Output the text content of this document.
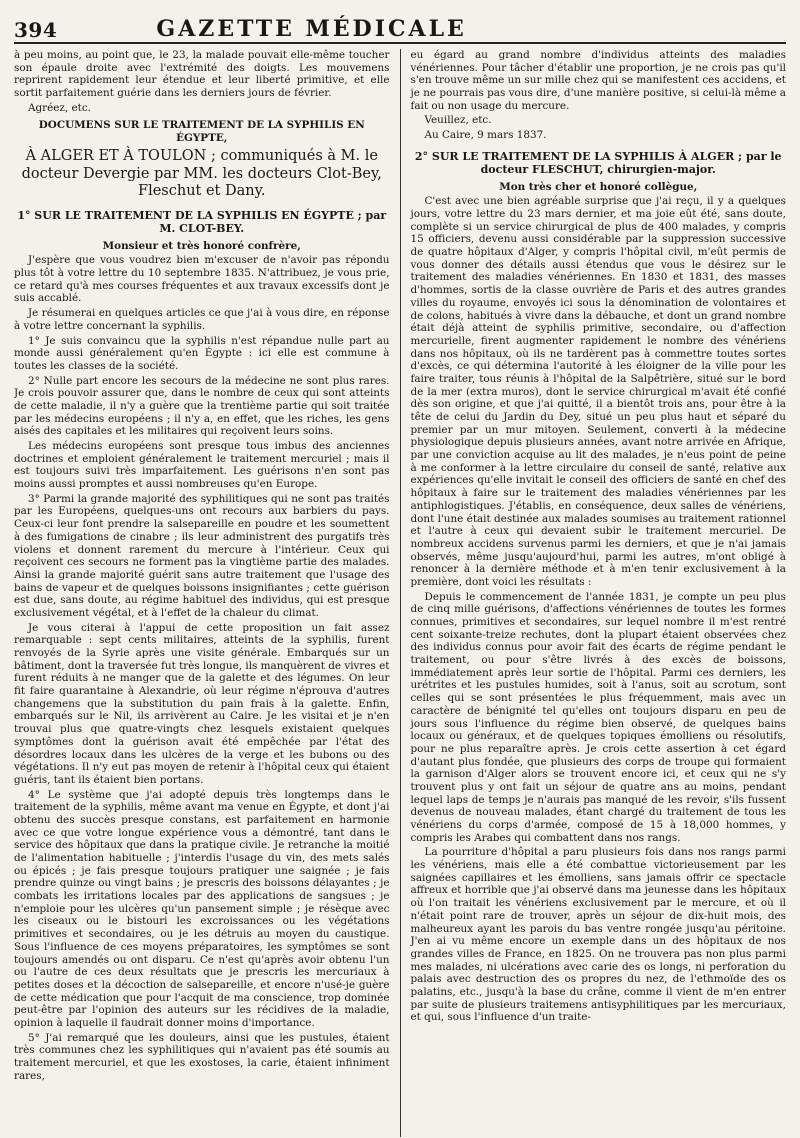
394	GAZETTE MÉDICALE

à peu moins, au point que, le 23, la malade pouvait elle-même toucher son épaule droite avec l'extrémité des doigts. Les mouvemens reprirent rapidement leur étendue et leur liberté primitive, et elle sortit parfaitement guérie dans les derniers jours de février.

Agréez, etc.

DOCUMENS SUR LE TRAITEMENT DE LA SYPHILIS EN ÉGYPTE,

À ALGER ET À TOULON ; communiqués à M. le docteur Devergie par MM. les docteurs Clot-Bey, Fleschut et Dany.

1° SUR LE TRAITEMENT DE LA SYPHILIS EN ÉGYPTE ; par M. CLOT-BEY.

Monsieur et très honoré confrère,

J'espère que vous voudrez bien m'excuser de n'avoir pas répondu plus tôt à votre lettre du 10 septembre 1835. N'attribuez, je vous prie, ce retard qu'à mes courses fréquentes et aux travaux excessifs dont je suis accablé.

Je résumerai en quelques articles ce que j'ai à vous dire, en réponse à votre lettre concernant la syphilis.

1° Je suis convaincu que la syphilis n'est répandue nulle part au monde aussi généralement qu'en Égypte : ici elle est commune à toutes les classes de la société.

2° Nulle part encore les secours de la médecine ne sont plus rares. Je crois pouvoir assurer que, dans le nombre de ceux qui sont atteints de cette maladie, il n'y a guère que la trentième partie qui soit traitée par les médecins européens ; il n'y a, en effet, que les riches, les gens aisés des capitales et les militaires qui reçoivent leurs soins.

Les médecins européens sont presque tous imbus des anciennes doctrines et emploient généralement le traitement mercuriel ; mais il est toujours suivi très imparfaitement. Les guérisons n'en sont pas moins aussi promptes et aussi nombreuses qu'en Europe.

3° Parmi la grande majorité des syphilitiques qui ne sont pas traités par les Européens, quelques-uns ont recours aux barbiers du pays. Ceux-ci leur font prendre la salsepareille en poudre et les soumettent à des fumigations de cinabre ; ils leur administrent des purgatifs très violens et donnent rarement du mercure à l'intérieur. Ceux qui reçoivent ces secours ne forment pas la vingtième partie des malades. Ainsi la grande majorité guérit sans autre traitement que l'usage des bains de vapeur et de quelques boissons insignifiantes ; cette guérison est due, sans doute, au régime habituel des individus, qui est presque exclusivement végétal, et à l'effet de la chaleur du climat.

Je vous citerai à l'appui de cette proposition un fait assez remarquable : sept cents militaires, atteints de la syphilis, furent renvoyés de la Syrie après une visite générale. Embarqués sur un bâtiment, dont la traversée fut très longue, ils manquèrent de vivres et furent réduits à ne manger que de la galette et des légumes. On leur fit faire quarantaine à Alexandrie, où leur régime n'éprouva d'autres changemens que la substitution du pain frais à la galette. Enfin, embarqués sur le Nil, ils arrivèrent au Caire. Je les visitai et je n'en trouvai plus que quatre-vingts chez lesquels existaient quelques symptômes dont la guérison avait été empêchée par l'état des désordres locaux dans les ulcères de la verge et les bubons ou des végétations. Il n'y eut pas moyen de retenir à l'hôpital ceux qui étaient guéris, tant ils étaient bien portans.

4° Le système que j'ai adopté depuis très longtemps dans le traitement de la syphilis, même avant ma venue en Égypte, et dont j'ai obtenu des succès presque constans, est parfaitement en harmonie avec ce que votre longue expérience vous a démontré, tant dans le service des hôpitaux que dans la pratique civile. Je retranche la moitié de l'alimentation habituelle ; j'interdis l'usage du vin, des mets salés ou épicés ; je fais presque toujours pratiquer une saignée ; je fais prendre quinze ou vingt bains ; je prescris des boissons délayantes ; je combats les irritations locales par des applications de sangsues ; je n'emploie pour les ulcères qu'un pansement simple ; je résèque avec les ciseaux ou le bistouri les excroissances ou les végétations primitives et secondaires, ou je les détruis au moyen du caustique. Sous l'influence de ces moyens préparatoires, les symptômes se sont toujours amendés ou ont disparu. Ce n'est qu'après avoir obtenu l'un ou l'autre de ces deux résultats que je prescris les mercuriaux à petites doses et la décoction de salsepareille, et encore n'usé-je guère de cette médication que pour l'acquit de ma conscience, trop dominée peut-être par l'opinion des auteurs sur les récidives de la maladie, opinion à laquelle il faudrait donner moins d'importance.

5° J'ai remarqué que les douleurs, ainsi que les pustules, étaient très communes chez les syphilitiques qui n'avaient pas été soumis au traitement mercuriel, et que les exostoses, la carie, étaient infiniment rares,

eu égard au grand nombre d'individus atteints des maladies vénériennes. Pour tâcher d'établir une proportion, je ne crois pas qu'il s'en trouve même un sur mille chez qui se manifestent ces accidens, et je ne pourrais pas vous dire, d'une manière positive, si celui-là même a fait ou non usage du mercure.

Veuillez, etc.

Au Caire, 9 mars 1837.

2° SUR LE TRAITEMENT DE LA SYPHILIS À ALGER ; par le docteur FLESCHUT, chirurgien-major.

Mon très cher et honoré collègue,

C'est avec une bien agréable surprise que j'ai reçu, il y a quelques jours, votre lettre du 23 mars dernier, et ma joie eût été, sans doute, complète si un service chirurgical de plus de 400 malades, y compris 15 officiers, devenu aussi considérable par la suppression successive de quatre hôpitaux d'Alger, y compris l'hôpital civil, m'eût permis de vous donner des détails aussi étendus que vous le désirez sur le traitement des maladies vénériennes. En 1830 et 1831, des masses d'hommes, sortis de la classe ouvrière de Paris et des autres grandes villes du royaume, envoyés ici sous la dénomination de volontaires et de colons, habitués à vivre dans la débauche, et dont un grand nombre était déjà atteint de syphilis primitive, secondaire, ou d'affection mercurielle, firent augmenter rapidement le nombre des vénériens dans nos hôpitaux, où ils ne tardèrent pas à commettre toutes sortes d'excès, ce qui détermina l'autorité à les éloigner de la ville pour les faire traiter, tous réunis à l'hôpital de la Salpêtrière, situé sur le bord de la mer (extra muros), dont le service chirurgical m'avait été confié dès son origine, et que j'ai quitté, il a bientôt trois ans, pour être à la tête de celui du Jardin du Dey, situé un peu plus haut et séparé du premier par un mur mitoyen. Seulement, converti à la médecine physiologique depuis plusieurs années, avant notre arrivée en Afrique, par une conviction acquise au lit des malades, je n'eus point de peine à me conformer à la lettre circulaire du conseil de santé, relative aux expériences qu'elle invitait le conseil des officiers de santé en chef des hôpitaux à faire sur le traitement des maladies vénériennes par les antiphlogistiques. J'établis, en conséquence, deux salles de vénériens, dont l'une était destinée aux malades soumises au traitement rationnel et l'autre à ceux qui devaient subir le traitement mercuriel. De nombreux accidens survenus parmi les derniers, et que je n'ai jamais observés, même jusqu'aujourd'hui, parmi les autres, m'ont obligé à renoncer à la dernière méthode et à m'en tenir exclusivement à la première, dont voici les résultats :

Depuis le commencement de l'année 1831, je compte un peu plus de cinq mille guérisons, d'affections vénériennes de toutes les formes connues, primitives et secondaires, sur lequel nombre il m'est rentré cent soixante-treize rechutes, dont la plupart étaient observées chez des individus connus pour avoir fait des écarts de régime pendant le traitement, ou pour s'être livrés à des excès de boissons, immédiatement après leur sortie de l'hôpital. Parmi ces derniers, les urétrites et les pustules humides, soit à l'anus, soit au scrotum, sont celles qui se sont présentées le plus fréquemment, mais avec un caractère de bénignité tel qu'elles ont toujours disparu en peu de jours sous l'influence du régime bien observé, de quelques bains locaux ou généraux, et de quelques topiques émolliens ou résolutifs, pour ne plus reparaître après. Je crois cette assertion à cet égard d'autant plus fondée, que plusieurs des corps de troupe qui formaient la garnison d'Alger alors se trouvent encore ici, et ceux qui ne s'y trouvent plus y ont fait un séjour de quatre ans au moins, pendant lequel laps de temps je n'aurais pas manqué de les revoir, s'ils fussent devenus de nouveau malades, étant chargé du traitement de tous les vénériens du corps d'armée, composé de 15 à 18,000 hommes, y compris les Arabes qui combattent dans nos rangs.

La pourriture d'hôpital a paru plusieurs fois dans nos rangs parmi les vénériens, mais elle a été combattue victorieusement par les saignées capillaires et les émolliens, sans jamais offrir ce spectacle affreux et horrible que j'ai observé dans ma jeunesse dans les hôpitaux où l'on traitait les vénériens exclusivement par le mercure, et où il n'était point rare de trouver, après un séjour de dix-huit mois, des malheureux ayant les parois du bas ventre rongée jusqu'au péritoine. J'en ai vu même encore un exemple dans un des hôpitaux de nos grandes villes de France, en 1825. On ne trouvera pas non plus parmi mes malades, ni ulcérations avec carie des os longs, ni perforation du palais avec destruction des os propres du nez, de l'ethmoïde des os palatins, etc., jusqu'à la base du crâne, comme il vient de m'en entrer par suite de plusieurs traitemens antisyphilitiques par les mercuriaux, et qui, sous l'influence d'un traite-
